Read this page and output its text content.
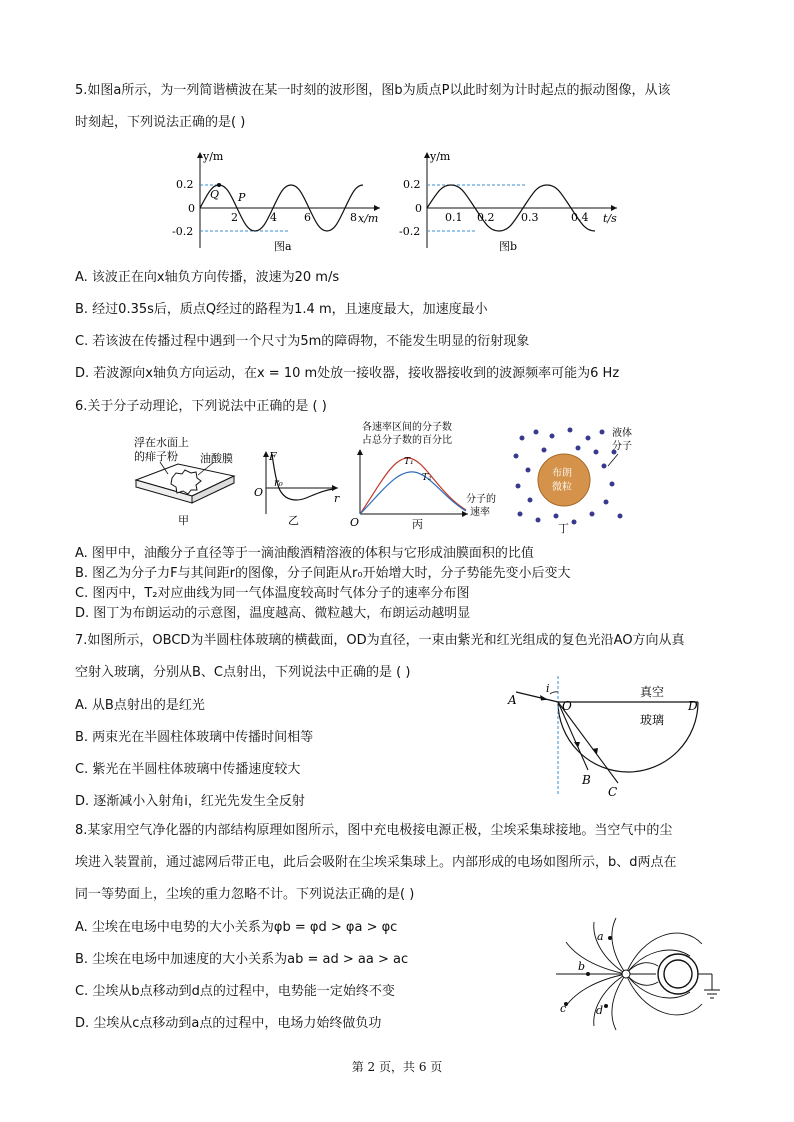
5.如图a所示，为一列简谐横波在某一时刻的波形图，图b为质点P以此时刻为计时起点的振动图像，从该
时刻起，下列说法正确的是( )
y/m
x/m
0.2
0
-0.2
Q P
2	4 6	8
图a
y/m
t/s
0.2
0
-0.2
0.1 0.2 0.3	0.4
图b
A. 该波正在向x轴负方向传播，波速为20 m/s
B. 经过0.35s后，质点Q经过的路程为1.4 m，且速度最大，加速度最小
C. 若该波在传播过程中遇到一个尺寸为5m的障碍物，不能发生明显的衍射现象
D. 若波源向x轴负方向运动，在x = 10 m处放一接收器，接收器接收到的波源频率可能为6 Hz
6.关于分子动理论，下列说法中正确的是 ( )
浮在水面上
的痱子粉 油酸膜
甲
F
O
r₀
r
乙
各速率区间的分子数
占总分子数的百分比
T₁
T₂
分子的
速率
O	丙
布朗
微粒
液体
分子
丁
A. 图甲中，油酸分子直径等于一滴油酸酒精溶液的体积与它形成油膜面积的比值
B. 图乙为分子力F与其间距r的图像，分子间距从r₀开始增大时，分子势能先变小后变大
C. 图丙中，T₂对应曲线为同一气体温度较高时气体分子的速率分布图
D. 图丁为布朗运动的示意图，温度越高、微粒越大，布朗运动越明显
7.如图所示，OBCD为半圆柱体玻璃的横截面，OD为直径，一束由紫光和红光组成的复色光沿AO方向从真
空射入玻璃，分别从B、C点射出，下列说法中正确的是 ( )
A. 从B点射出的是红光
B. 两束光在半圆柱体玻璃中传播时间相等
C. 紫光在半圆柱体玻璃中传播速度较大
D. 逐渐减小入射角i，红光先发生全反射
A
i
O	D
B
C
真空
玻璃
8.某家用空气净化器的内部结构原理如图所示，图中充电极接电源正极，尘埃采集球接地。当空气中的尘
埃进入装置前，通过滤网后带正电，此后会吸附在尘埃采集球上。内部形成的电场如图所示，b、d两点在
同一等势面上，尘埃的重力忽略不计。下列说法正确的是( )
A. 尘埃在电场中电势的大小关系为φb = φd > φa > φc
B. 尘埃在电场中加速度的大小关系为ab = ad > aa > ac
C. 尘埃从b点移动到d点的过程中，电势能一定始终不变
D. 尘埃从c点移动到a点的过程中，电场力始终做负功
a
b
c	d
第 2 页，共 6 页
